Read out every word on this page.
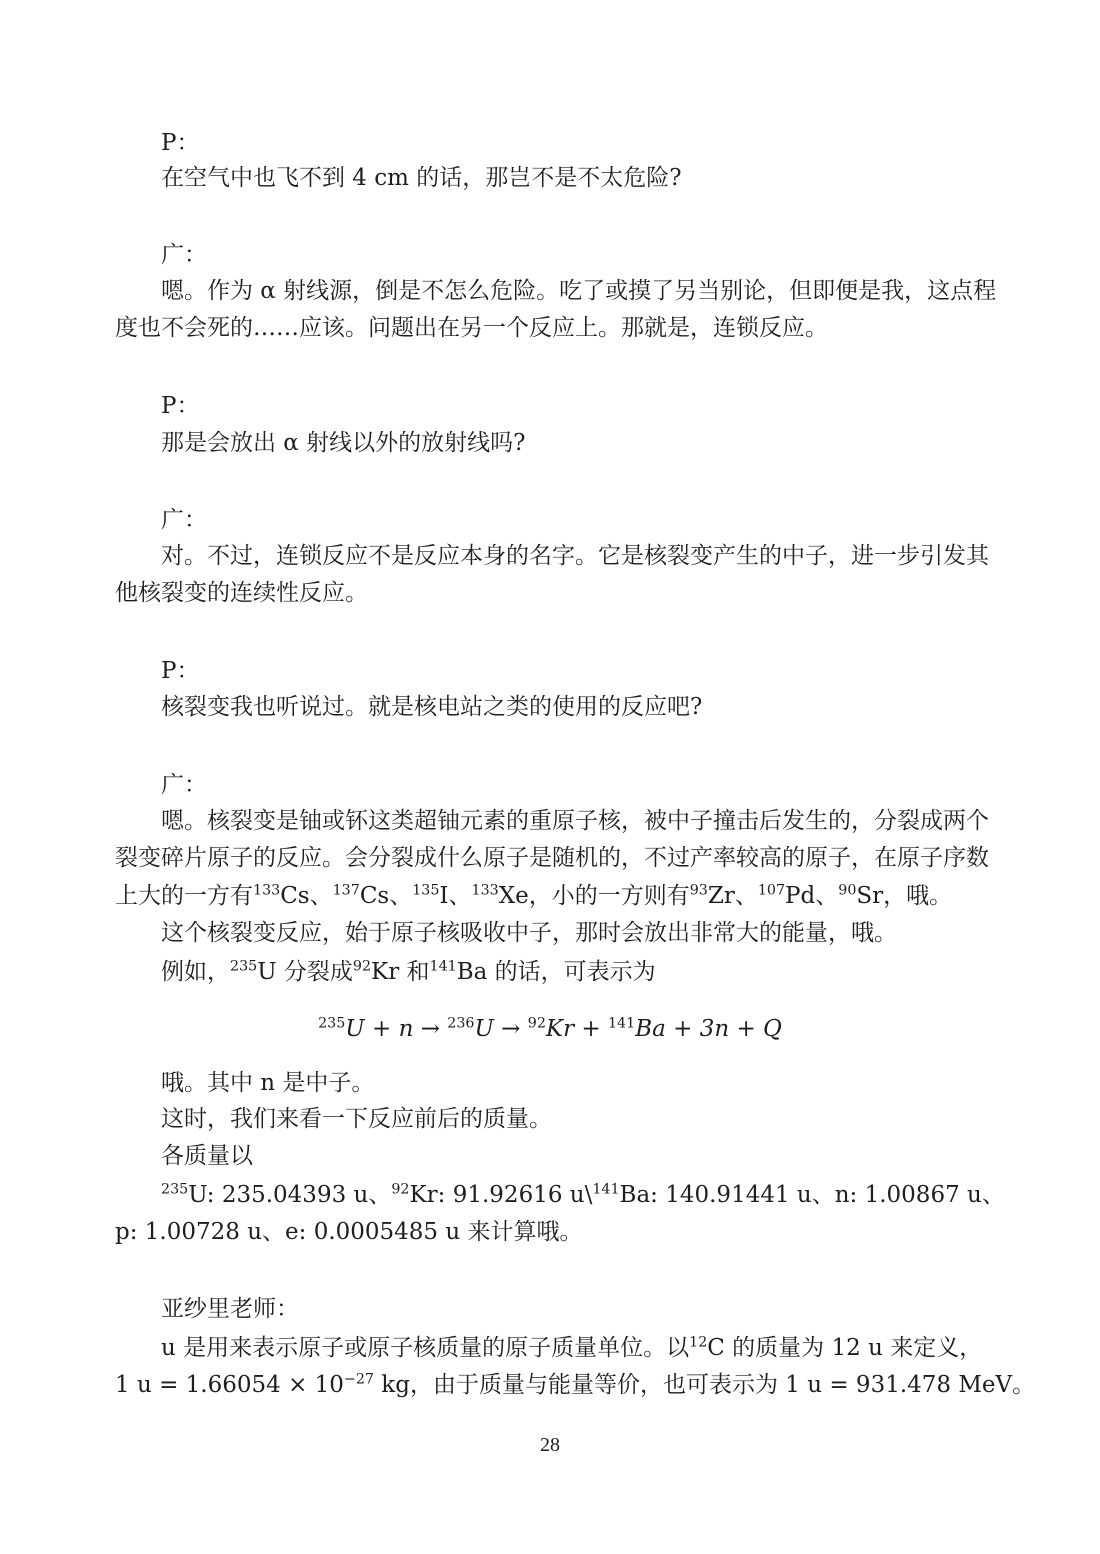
P：

在空气中也飞不到 4 cm 的话，那岂不是不太危险?

广：

嗯。作为 α 射线源，倒是不怎么危险。吃了或摸了另当别论，但即便是我，这点程

度也不会死的……应该。问题出在另一个反应上。那就是，连锁反应。

P：

那是会放出 α 射线以外的放射线吗?

广：

对。不过，连锁反应不是反应本身的名字。它是核裂变产生的中子，进一步引发其

他核裂变的连续性反应。

P：

核裂变我也听说过。就是核电站之类的使用的反应吧?

广：

嗯。核裂变是铀或钚这类超铀元素的重原子核，被中子撞击后发生的，分裂成两个

裂变碎片原子的反应。会分裂成什么原子是随机的，不过产率较高的原子，在原子序数

上大的一方有$^{133}$Cs、$^{137}$Cs、$^{135}$I、$^{133}$Xe，小的一方则有$^{93}$Zr、$^{107}$Pd、$^{90}$Sr，哦。

这个核裂变反应，始于原子核吸收中子，那时会放出非常大的能量，哦。

例如，$^{235}$U 分裂成$^{92}$Kr 和$^{141}$Ba 的话，可表示为

$^{235}$U + n → $^{236}$U → $^{92}$Kr + $^{141}$Ba + 3n + Q

哦。其中 n 是中子。

这时，我们来看一下反应前后的质量。

各质量以

$^{235}$U: 235.04393 u、$^{92}$Kr: 91.92616 u\$^{141}$Ba: 140.91441 u、n: 1.00867 u、

p: 1.00728 u、e: 0.0005485 u 来计算哦。

亚纱里老师：

u 是用来表示原子或原子核质量的原子质量单位。以$^{12}$C 的质量为 12 u 来定义，

1 $u = 1.66054 \times 10^{-27}$ kg，由于质量与能量等价，也可表示为 1 u = 931.478 MeV。

28
